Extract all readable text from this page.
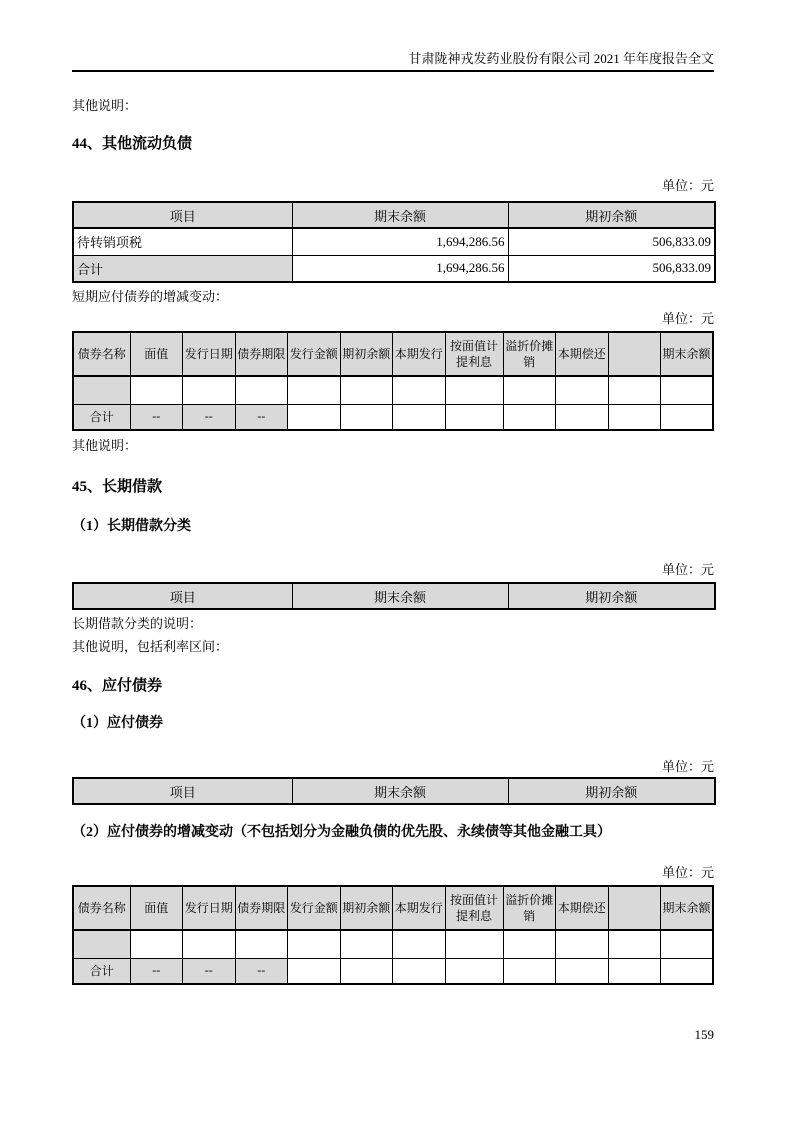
甘肃陇神戎发药业股份有限公司 2021 年年度报告全文
其他说明：
44、其他流动负债
单位：元
项目	期末余额	期初余额
待转销项税	1,694,286.56	506,833.09
合计	1,694,286.56	506,833.09
短期应付债券的增减变动：
单位：元
债券名称	面值	发行日期	债券期限	发行金额	期初余额	本期发行	按面值计提利息	溢折价摊销	本期偿还		期末余额

合计	--	--	--								
其他说明：
45、长期借款
（1）长期借款分类
单位：元
项目	期末余额	期初余额
长期借款分类的说明：
其他说明，包括利率区间：
46、应付债券
（1）应付债券
单位：元
项目	期末余额	期初余额
（2）应付债券的增减变动（不包括划分为金融负债的优先股、永续债等其他金融工具）
单位：元
债券名称	面值	发行日期	债券期限	发行金额	期初余额	本期发行	按面值计提利息	溢折价摊销	本期偿还		期末余额

合计	--	--	--								
159
